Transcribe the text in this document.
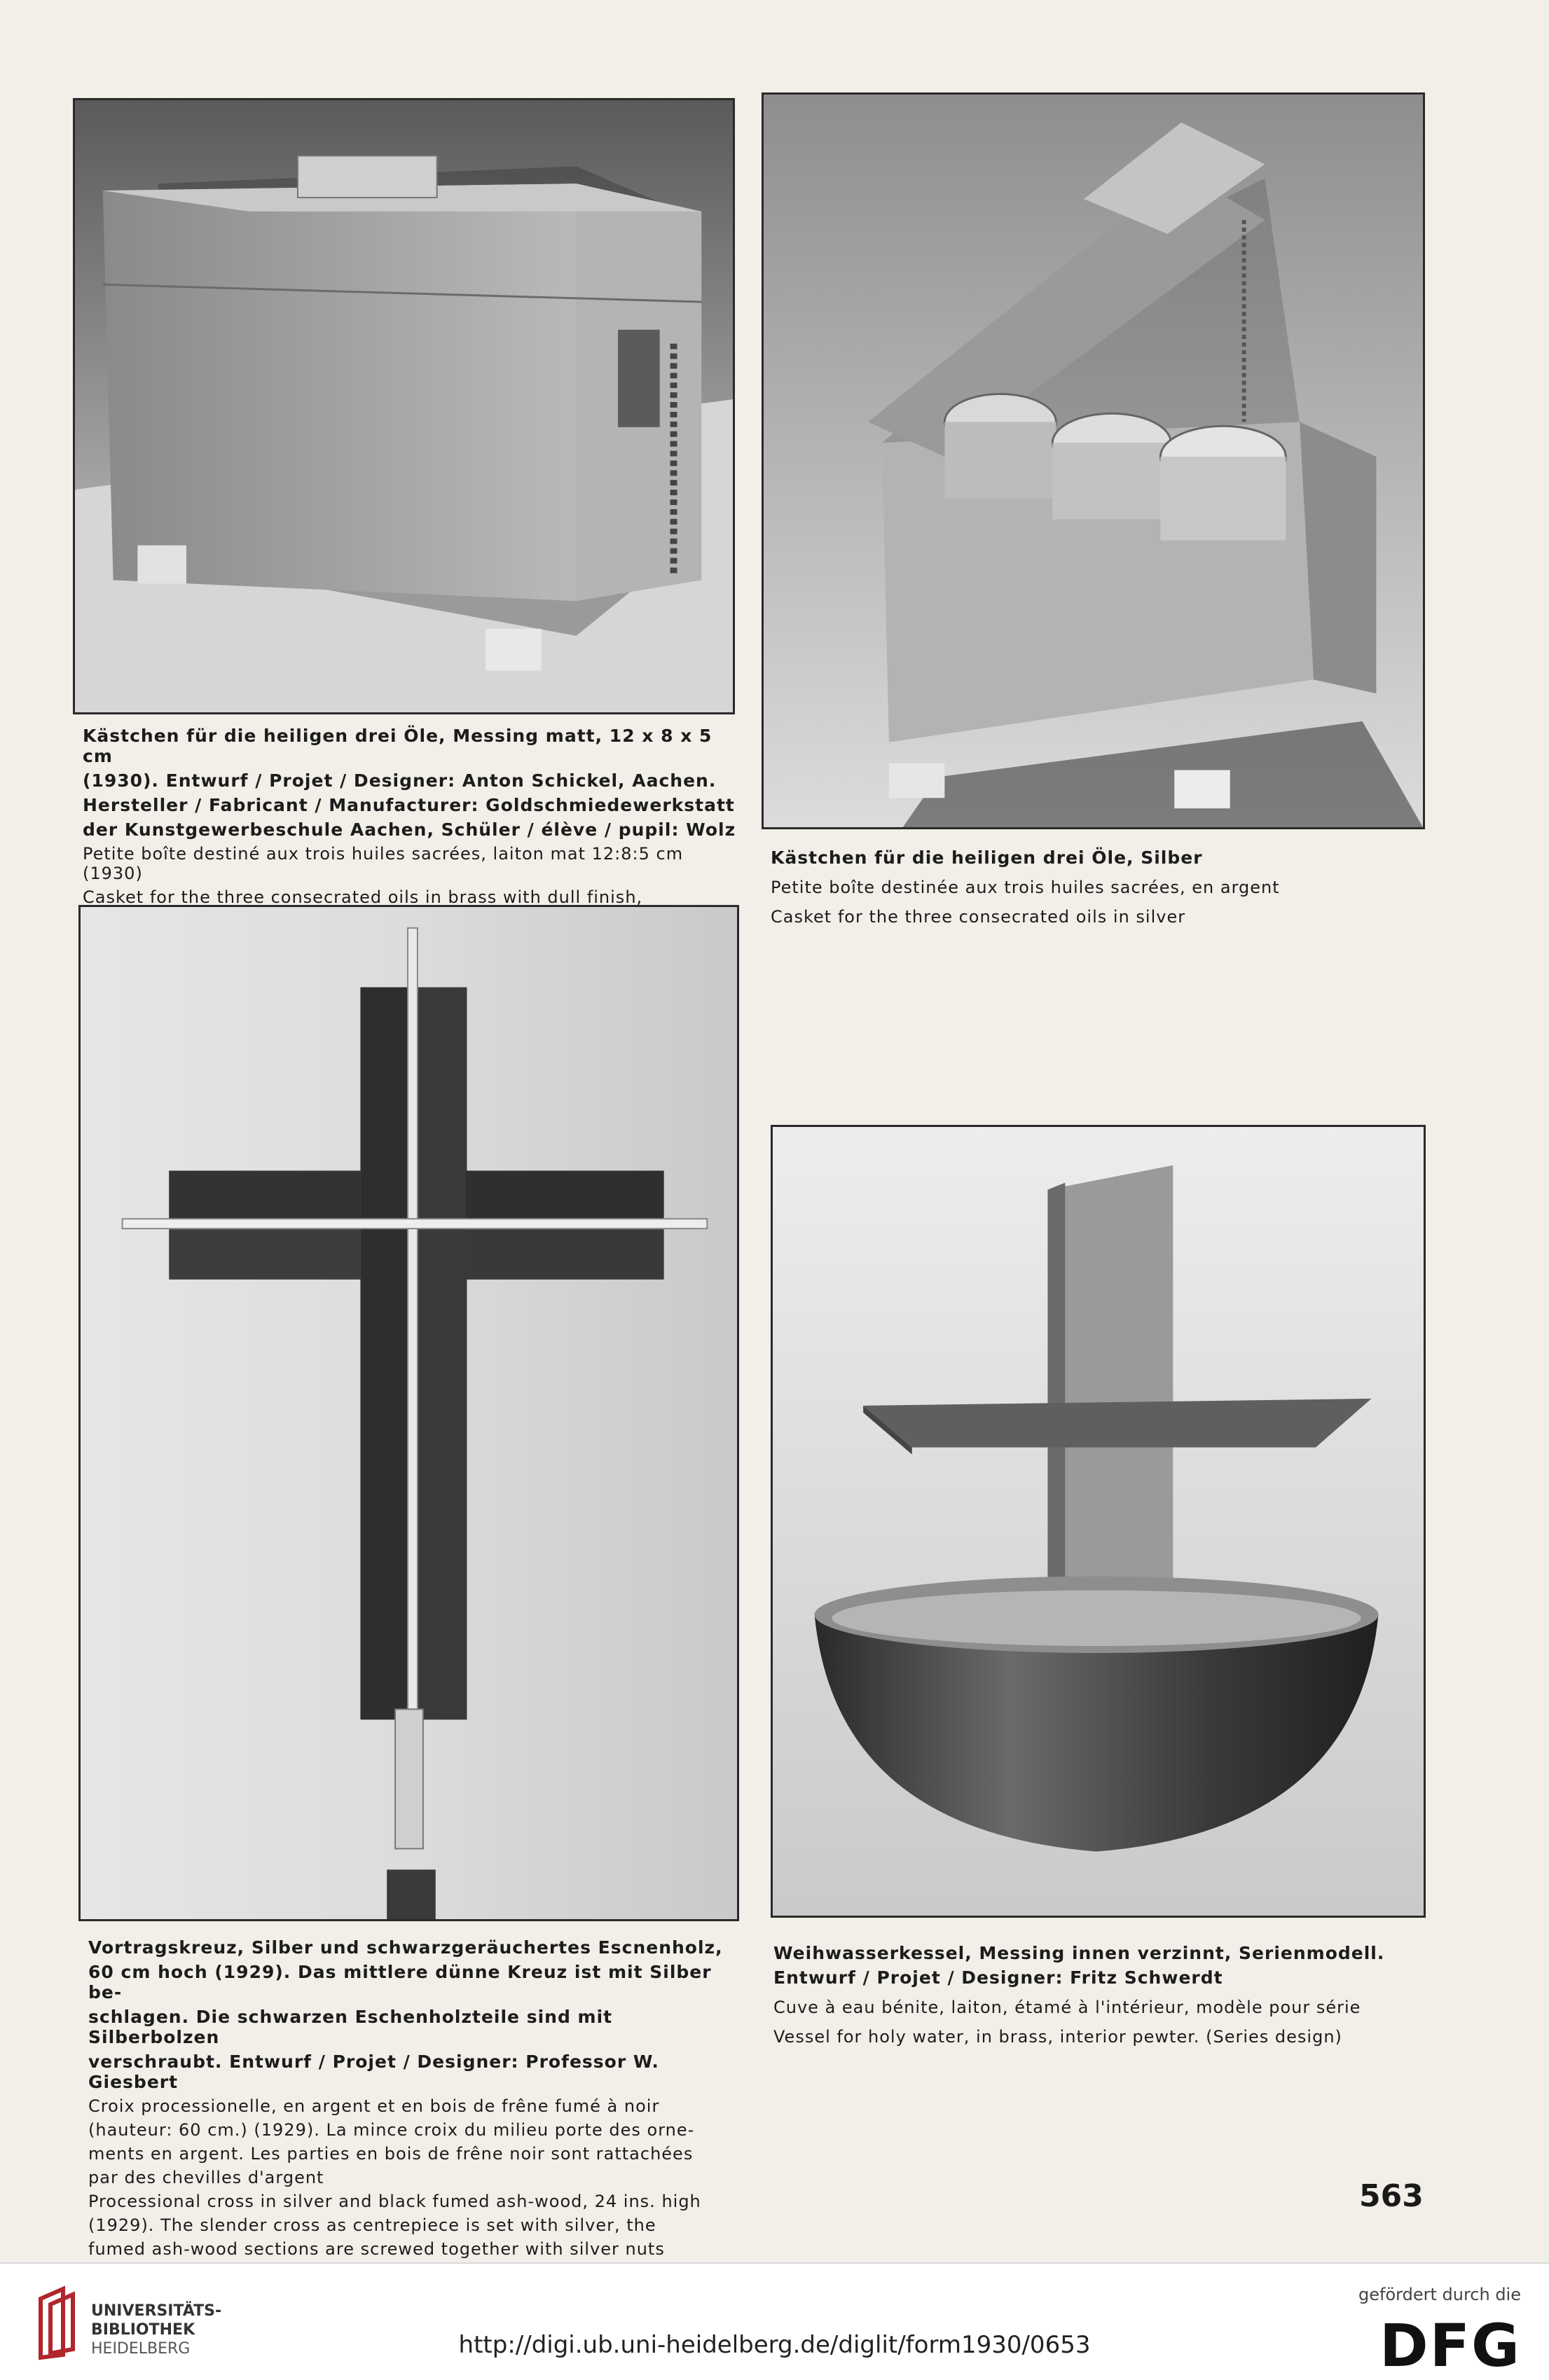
Kästchen für die heiligen drei Öle, Messing matt, 12 x 8 x 5 cm
(1930). Entwurf / Projet / Designer: Anton Schickel, Aachen.
Hersteller / Fabricant / Manufacturer: Goldschmiedewerkstatt
der Kunstgewerbeschule Aachen, Schüler / élève / pupil: Wolz
Petite boîte destiné aux trois huiles sacrées, laiton mat 12:8:5 cm (1930)
Casket for the three consecrated oils in brass with dull finish,
Kästchen für die heiligen drei Öle, Silber
Petite boîte destinée aux trois huiles sacrées, en argent
Casket for the three consecrated oils in silver
Vortragskreuz, Silber und schwarzgeräuchertes Escnenholz,
60 cm hoch (1929). Das mittlere dünne Kreuz ist mit Silber be-
schlagen. Die schwarzen Eschenholzteile sind mit Silberbolzen
verschraubt. Entwurf / Projet / Designer: Professor W. Giesbert
Croix processionelle, en argent et en bois de frêne fumé à noir
(hauteur: 60 cm.) (1929). La mince croix du milieu porte des orne-
ments en argent. Les parties en bois de frêne noir sont rattachées
par des chevilles d'argent
Processional cross in silver and black fumed ash-wood, 24 ins. high
(1929). The slender cross as centrepiece is set with silver, the
fumed ash-wood sections are screwed together with silver nuts
Weihwasserkessel, Messing innen verzinnt, Serienmodell.
Entwurf / Projet / Designer: Fritz Schwerdt
Cuve à eau bénite, laiton, étamé à l'intérieur, modèle pour série
Vessel for holy water, in brass, interior pewter. (Series design)
563
UNIVERSITÄTS-
BIBLIOTHEK
HEIDELBERG	http://digi.ub.uni-heidelberg.de/diglit/form1930/0653
gefördert durch die
DFG
